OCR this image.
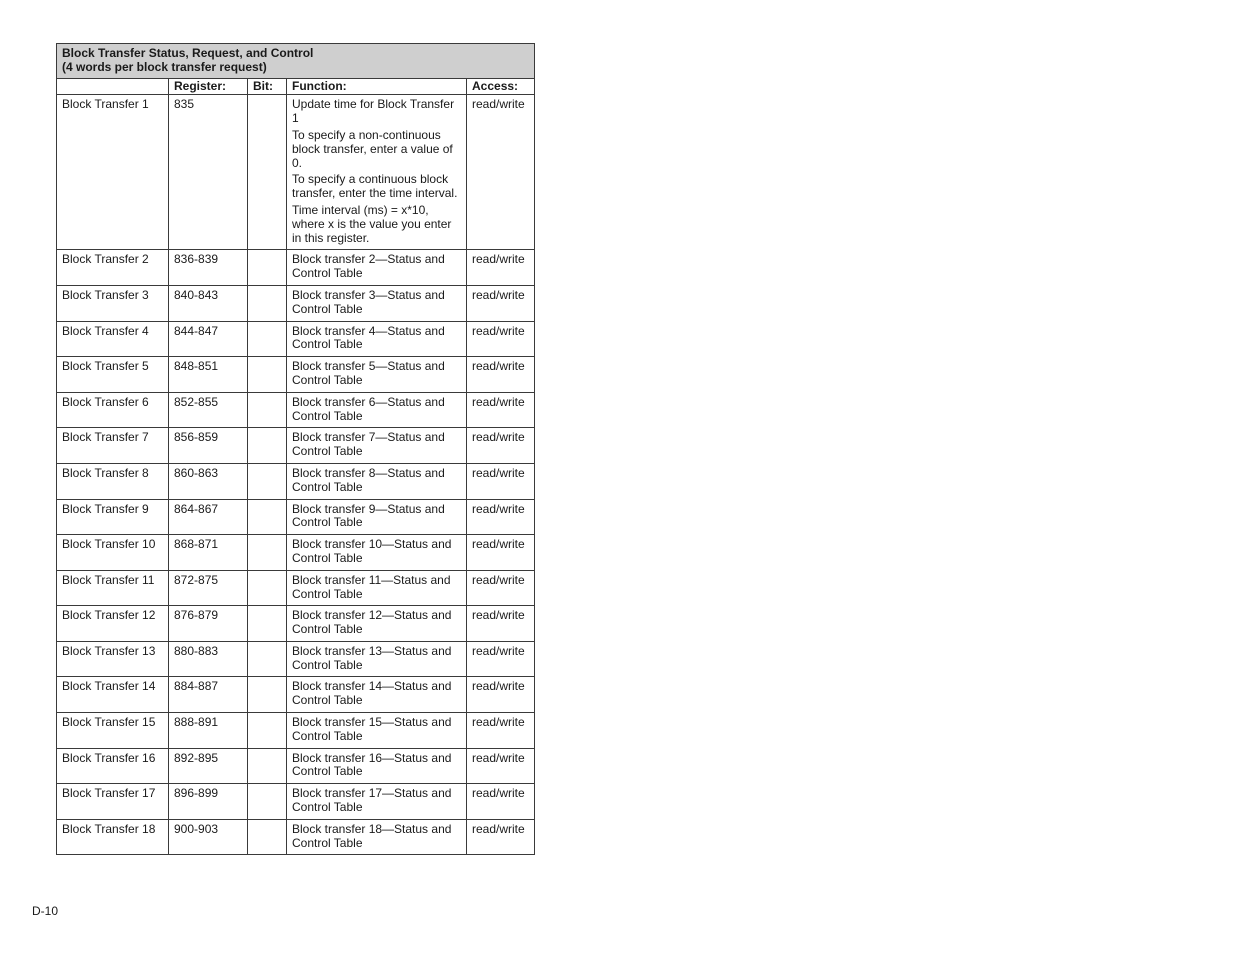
Block Transfer Status, Request, and Control
(4 words per block transfer request)				

	Register:	Bit:	Function:	Access:
Block Transfer 1	835		Update time for Block Transfer 1

To specify a non-continuous block transfer, enter a value of 0.

To specify a continuous block transfer, enter the time interval.

Time interval (ms) = x*10, where x is the value you enter in this register.	read/write
Block Transfer 2	836-839		Block transfer 2—Status and Control Table	read/write
Block Transfer 3	840-843		Block transfer 3—Status and Control Table	read/write
Block Transfer 4	844-847		Block transfer 4—Status and Control Table	read/write
Block Transfer 5	848-851		Block transfer 5—Status and Control Table	read/write
Block Transfer 6	852-855		Block transfer 6—Status and Control Table	read/write
Block Transfer 7	856-859		Block transfer 7—Status and Control Table	read/write
Block Transfer 8	860-863		Block transfer 8—Status and Control Table	read/write
Block Transfer 9	864-867		Block transfer 9—Status and Control Table	read/write
Block Transfer 10	868-871		Block transfer 10—Status and Control Table	read/write
Block Transfer 11	872-875		Block transfer 11—Status and Control Table	read/write
Block Transfer 12	876-879		Block transfer 12—Status and Control Table	read/write
Block Transfer 13	880-883		Block transfer 13—Status and Control Table	read/write
Block Transfer 14	884-887		Block transfer 14—Status and Control Table	read/write
Block Transfer 15	888-891		Block transfer 15—Status and Control Table	read/write
Block Transfer 16	892-895		Block transfer 16—Status and Control Table	read/write
Block Transfer 17	896-899		Block transfer 17—Status and Control Table	read/write
Block Transfer 18	900-903		Block transfer 18—Status and Control Table	read/write
D-10
